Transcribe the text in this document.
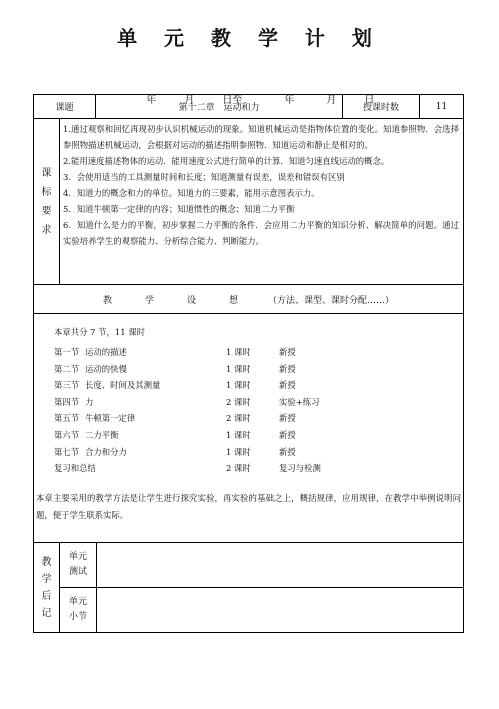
单 元 教 学 计 划

年	月	日至	年	月	日

课题	第十二章　运动和力	授课时数	11
课
标
要
求
1.通过观察和回忆再现初步认识机械运动的现象。知道机械运动是指物体位置的变化。知道参照物．会选择参照物描述机械运动，会根据对运动的描述指明参照物．知道运动和静止是相对的。
2.能用速度描述物体的运动．能用速度公式进行简单的计算．知道匀速直线运动的概念。
3．会使用适当的工具测量时间和长度；知道测量有误差，误差和错误有区别
4．知道力的概念和力的单位。知道力的三要素，能用示意图表示力。
5．知道牛顿第一定律的内容；知道惯性的概念；知道二力平衡
6．知道什么是力的平衡，初步掌握二力平衡的条件．会应用二力平衡的知识分析、解决简单的问题。通过实验培养学生的观察能力、分析综合能力、判断能力。
教　学　设　想 （方法、课型、课时分配……）
本章共分 7 节，11 课时
第一节 运动的描述	1 课时	新授
第二节 运动的快慢	1 课时	新授
第三节 长度、时间及其测量	1 课时	新授
第四节 力	2 课时	实验+练习
第五节 牛顿第一定律	2 课时	新授
第六节 二力平衡	1 课时	新授
第七节 合力和分力	1 课时	新授
复习和总结	2 课时	复习与检测
本章主要采用的教学方法是让学生进行探究实验，再实验的基础之上，概括规律，应用规律，在教学中举例说明问题，便于学生联系实际。
教
学
后
记
单元
测试
单元
小节
